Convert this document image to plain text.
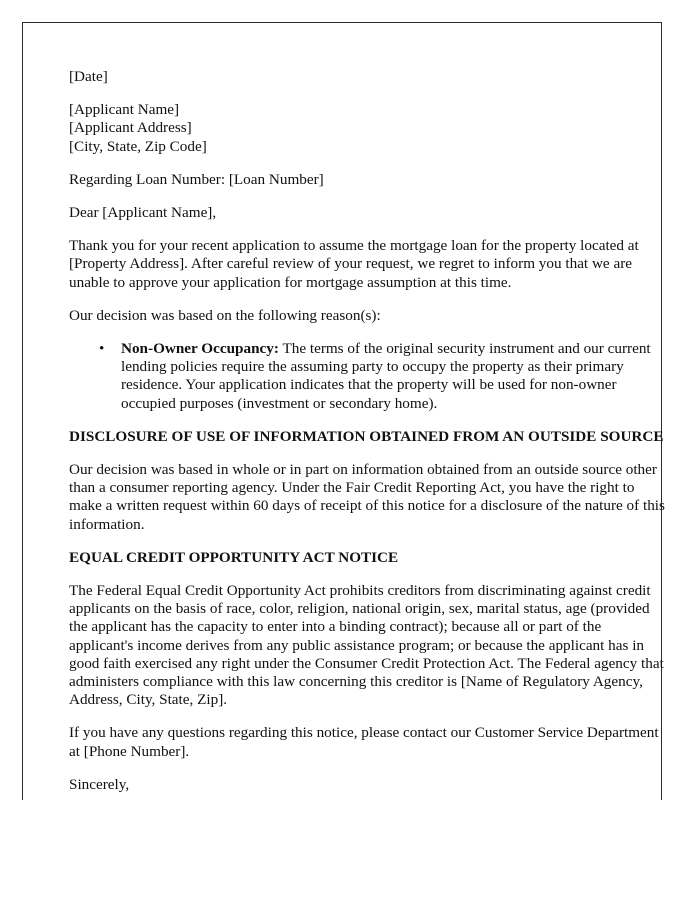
[Date]
[Applicant Name]
[Applicant Address]
[City, State, Zip Code]
Regarding Loan Number: [Loan Number]
Dear [Applicant Name],

Thank you for your recent application to assume the mortgage loan for the property located at [Property Address]. After careful review of your request, we regret to inform you that we are unable to approve your application for mortgage assumption at this time.

Our decision was based on the following reason(s):

• Non-Owner Occupancy: The terms of the original security instrument and our current lending policies require the assuming party to occupy the property as their primary residence. Your application indicates that the property will be used for non-owner occupied purposes (investment or secondary home).

DISCLOSURE OF USE OF INFORMATION OBTAINED FROM AN OUTSIDE SOURCE

Our decision was based in whole or in part on information obtained from an outside source other than a consumer reporting agency. Under the Fair Credit Reporting Act, you have the right to make a written request within 60 days of receipt of this notice for a disclosure of the nature of this information.

EQUAL CREDIT OPPORTUNITY ACT NOTICE

The Federal Equal Credit Opportunity Act prohibits creditors from discriminating against credit applicants on the basis of race, color, religion, national origin, sex, marital status, age (provided the applicant has the capacity to enter into a binding contract); because all or part of the applicant's income derives from any public assistance program; or because the applicant has in good faith exercised any right under the Consumer Credit Protection Act. The Federal agency that administers compliance with this law concerning this creditor is [Name of Regulatory Agency, Address, City, State, Zip].

If you have any questions regarding this notice, please contact our Customer Service Department at [Phone Number].

Sincerely,
